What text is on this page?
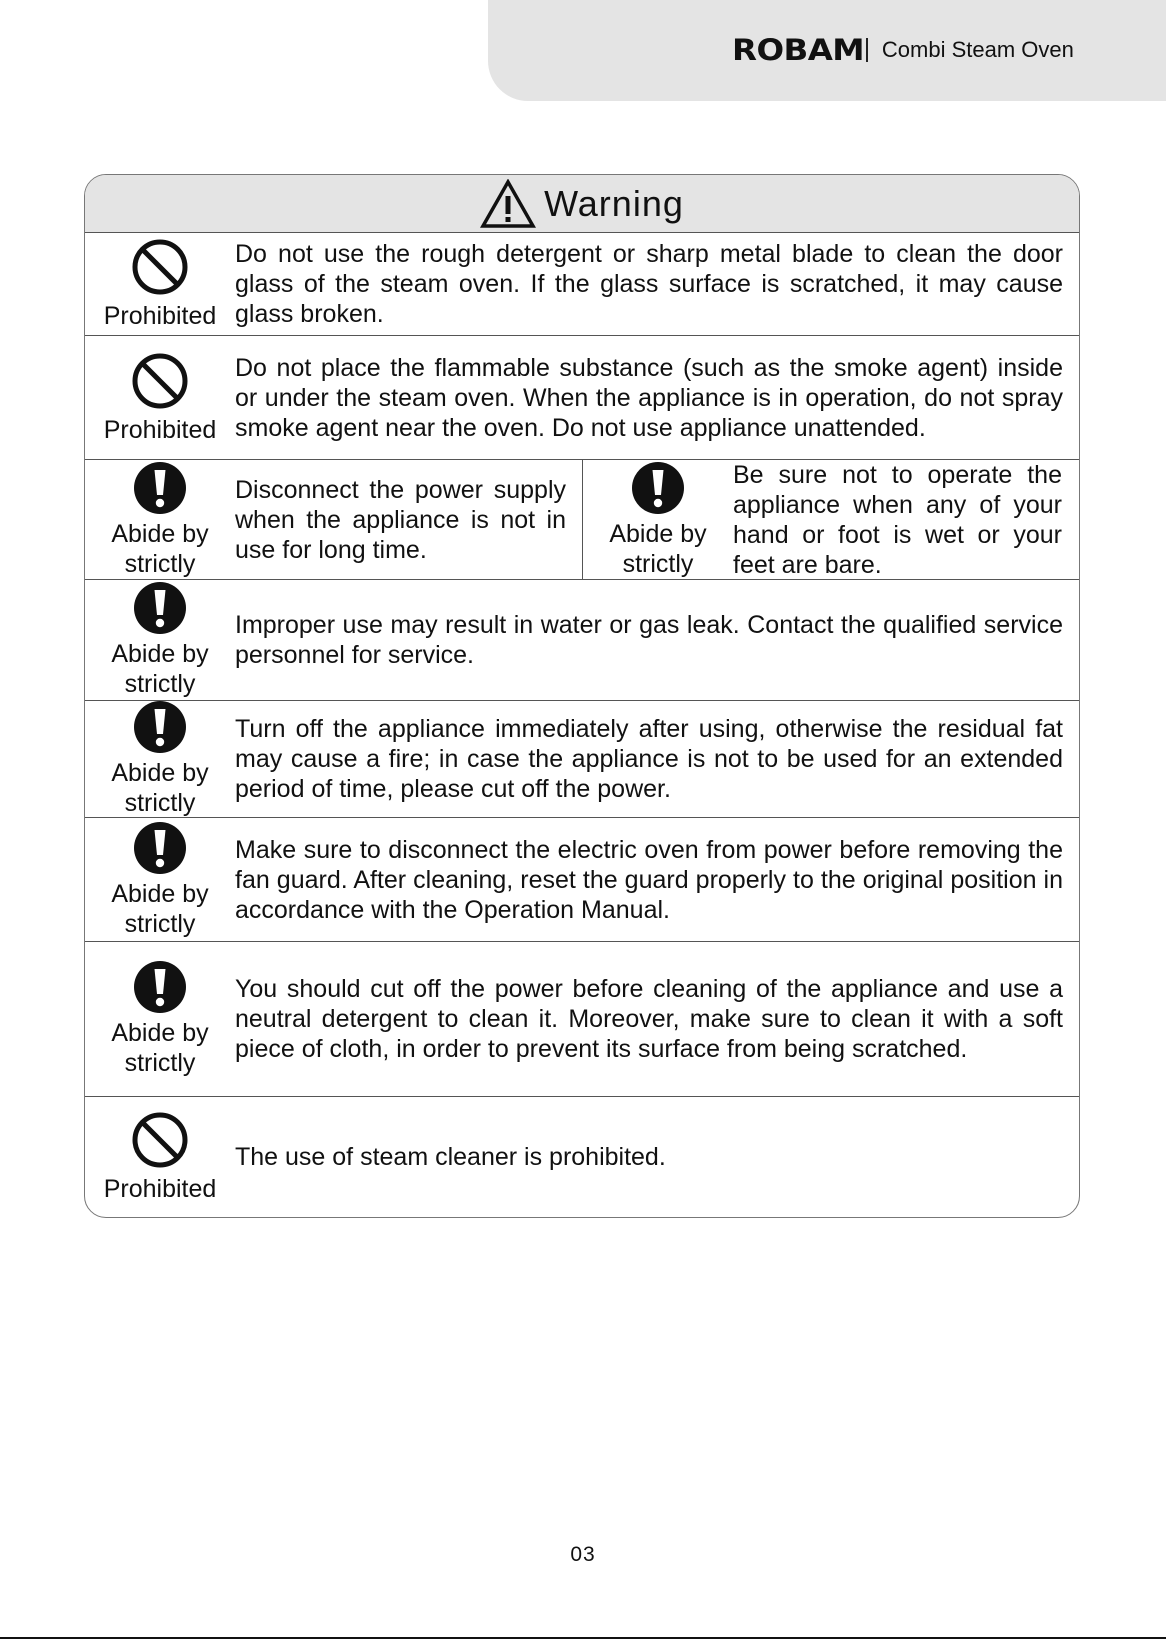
ROBAM Combi Steam Oven
Warning
Prohibited
Do not use the rough detergent or sharp metal blade to clean the door glass of the steam oven. If the glass surface is scratched, it may cause glass broken.
Prohibited
Do not place the flammable substance (such as the smoke agent) inside or under the steam oven. When the appliance is in operation, do not spray smoke agent near the oven. Do not use appliance unattended.
Abide by strictly
Disconnect the power supply when the appliance is not in use for long time.
Abide by strictly
Be sure not to operate the appliance when any of your hand or foot is wet or your feet are bare.
Abide by strictly
Improper use may result in water or gas leak. Contact the qualified service personnel for service.
Abide by strictly
Turn off the appliance immediately after using, otherwise the residual fat may cause a fire; in case the appliance is not to be used for an extended period of time, please cut off the power.
Abide by strictly
Make sure to disconnect the electric oven from power before removing the fan guard. After cleaning, reset the guard properly to the original position in accordance with the Operation Manual.
Abide by strictly
You should cut off the power before cleaning of the appliance and use a neutral detergent to clean it. Moreover, make sure to clean it with a soft piece of cloth, in order to prevent its surface from being scratched.
Prohibited
The use of steam cleaner is prohibited.
03
